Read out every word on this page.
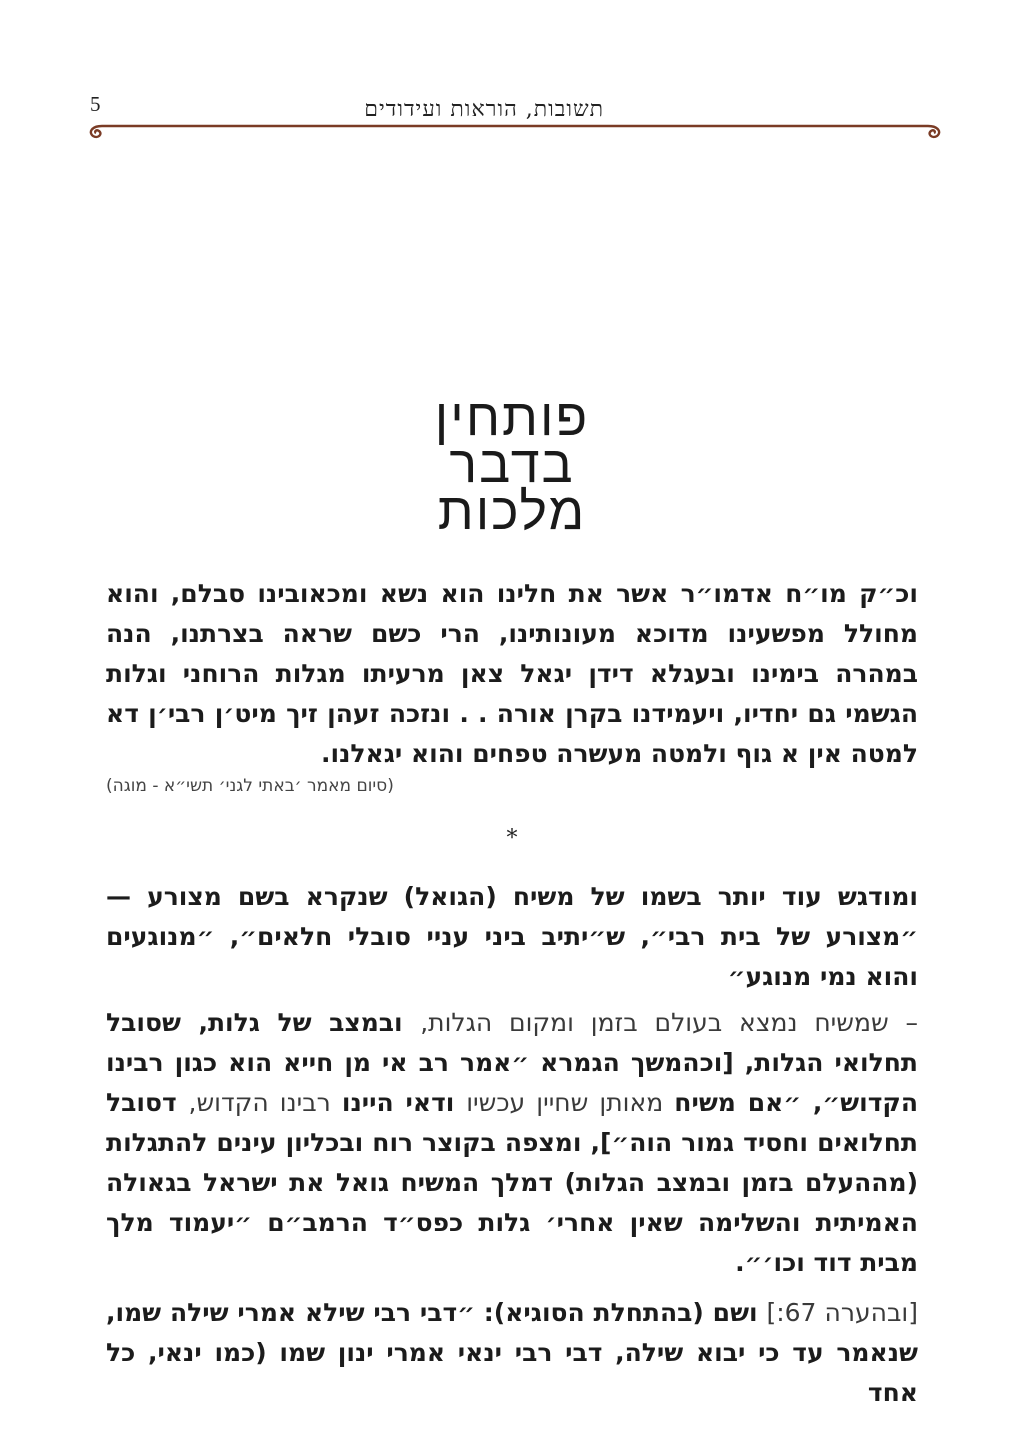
5	תשובות, הוראות ועידודים
פותחין
בדבר
מלכות

וכ״ק מו״ח אדמו״ר אשר את חלינו הוא נשא ומכאובינו סבלם, והוא מחולל מפשעינו מדוכא מעונותינו, הרי כשם שראה בצרתנו, הנה במהרה בימינו ובעגלא דידן יגאל צאן מרעיתו מגלות הרוחני וגלות הגשמי גם יחדיו, ויעמידנו בקרן אורה . . ונזכה זעהן זיך מיט׳ן רבי׳ן דא למטה אין א גוף ולמטה מעשרה טפחים והוא יגאלנו.

(סיום מאמר ׳באתי לגני׳ תשי״א - מוגה)
*

ומודגש עוד יותר בשמו של משיח (הגואל) שנקרא בשם מצורע — ״מצורע של בית רבי״, ש״יתיב ביני עניי סובלי חלאים״, ״מנוגעים והוא נמי מנוגע״

– שמשיח נמצא בעולם בזמן ומקום הגלות, ובמצב של גלות, שסובל תחלואי הגלות, [וכהמשך הגמרא ״אמר רב אי מן חייא הוא כגון רבינו הקדוש״, ״אם משיח מאותן שחיין עכשיו ודאי היינו רבינו הקדוש, דסובל תחלואים וחסיד גמור הוה״], ומצפה בקוצר רוח ובכליון עינים להתגלות (מההעלם בזמן ובמצב הגלות) דמלך המשיח גואל את ישראל בגאולה האמיתית והשלימה שאין אחרי׳ גלות כפס״ד הרמב״ם ״יעמוד מלך מבית דוד וכו׳״.

[ובהערה 67:] ושם (בהתחלת הסוגיא): ״דבי רבי שילא אמרי שילה שמו, שנאמר עד כי יבוא שילה, דבי רבי ינאי אמרי ינון שמו (כמו ינאי, כל אחד
